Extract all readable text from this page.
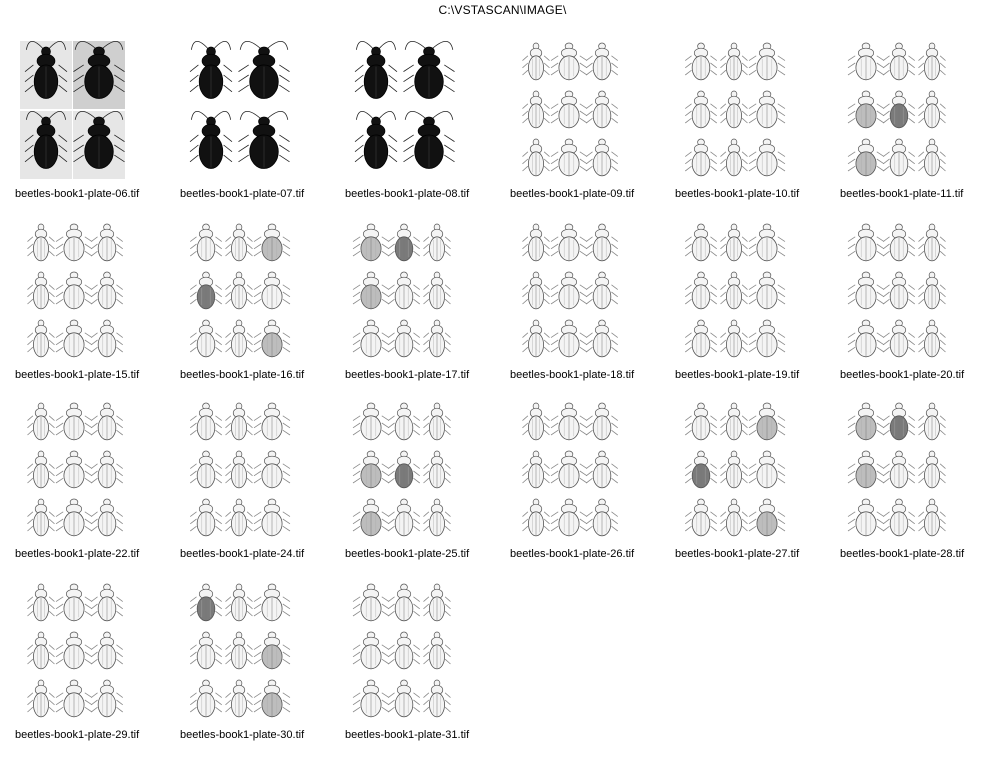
C:\VSTASCAN\IMAGE\
beetles-book1-plate-06.tif	beetles-book1-plate-07.tif	beetles-book1-plate-08.tif	beetles-book1-plate-09.tif	beetles-book1-plate-10.tif	beetles-book1-plate-11.tif
beetles-book1-plate-15.tif	beetles-book1-plate-16.tif	beetles-book1-plate-17.tif	beetles-book1-plate-18.tif	beetles-book1-plate-19.tif	beetles-book1-plate-20.tif
beetles-book1-plate-22.tif	beetles-book1-plate-24.tif	beetles-book1-plate-25.tif	beetles-book1-plate-26.tif	beetles-book1-plate-27.tif	beetles-book1-plate-28.tif
beetles-book1-plate-29.tif	beetles-book1-plate-30.tif	beetles-book1-plate-31.tif
